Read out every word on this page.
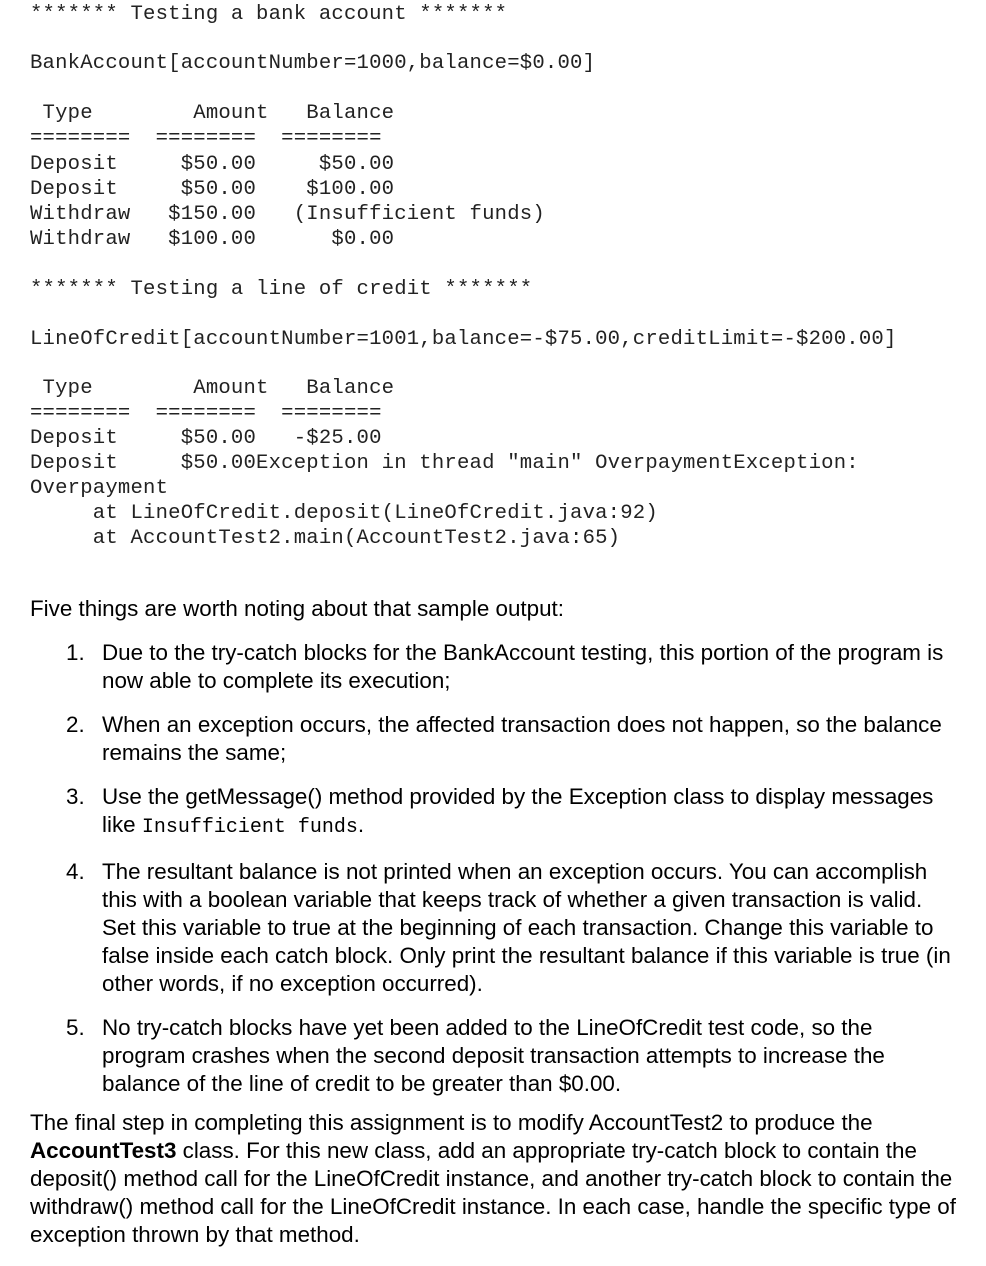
******* Testing a bank account *******
BankAccount[accountNumber=1000,balance=$0.00]
Type        Amount   Balance
========  ========  ========
Deposit     $50.00     $50.00
Deposit     $50.00    $100.00
Withdraw   $150.00   (Insufficient funds)
Withdraw   $100.00      $0.00
******* Testing a line of credit *******
LineOfCredit[accountNumber=1001,balance=-$75.00,creditLimit=-$200.00]
Type        Amount   Balance
========  ========  ========
Deposit     $50.00   -$25.00
Deposit     $50.00Exception in thread "main" OverpaymentException:
Overpayment
at LineOfCredit.deposit(LineOfCredit.java:92)
at AccountTest2.main(AccountTest2.java:65)
Five things are worth noting about that sample output:
1. Due to the try-catch blocks for the BankAccount testing, this portion of the program is now able to complete its execution;
2. When an exception occurs, the affected transaction does not happen, so the balance remains the same;
3. Use the getMessage() method provided by the Exception class to display messages like Insufficient funds.
4. The resultant balance is not printed when an exception occurs. You can accomplish this with a boolean variable that keeps track of whether a given transaction is valid. Set this variable to true at the beginning of each transaction. Change this variable to false inside each catch block. Only print the resultant balance if this variable is true (in other words, if no exception occurred).
5. No try-catch blocks have yet been added to the LineOfCredit test code, so the program crashes when the second deposit transaction attempts to increase the balance of the line of credit to be greater than $0.00.
The final step in completing this assignment is to modify AccountTest2 to produce the AccountTest3 class. For this new class, add an appropriate try-catch block to contain the deposit() method call for the LineOfCredit instance, and another try-catch block to contain the withdraw() method call for the LineOfCredit instance. In each case, handle the specific type of exception thrown by that method.
